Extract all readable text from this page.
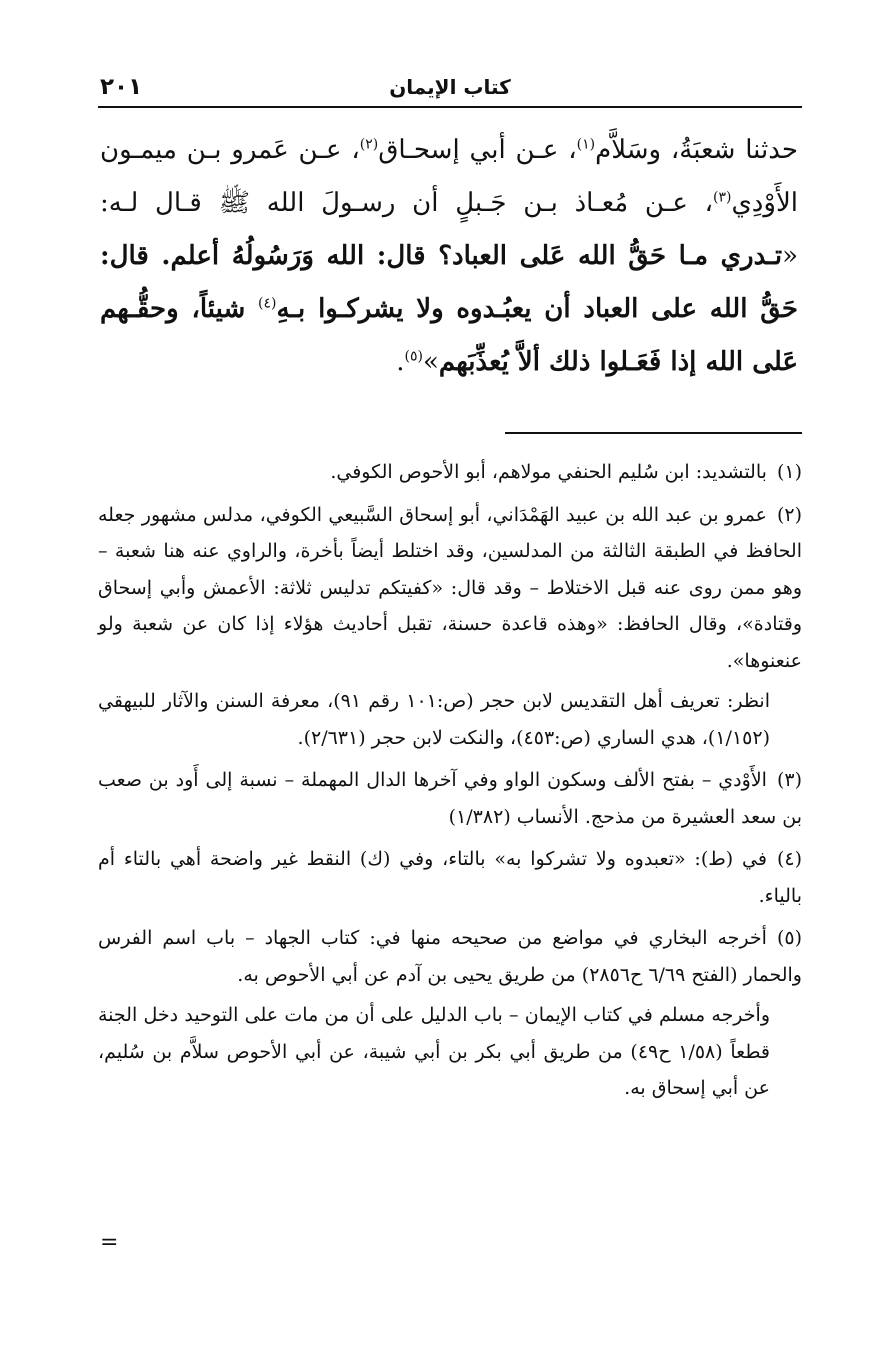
كتاب الإيمان
٢٠١
حدثنا شعبَةُ، وسَلاَّم$^{(١)}$، عـن أبي إسحـاق$^{(٢)}$، عـن عَمرو بـن ميمـون الأَوْدِي$^{(٣)}$، عـن مُعـاذ بـن جَـبلٍ أن رسـولَ الله ﷺ قـال لـه: «تـدري مـا حَقُّ الله عَلى العباد؟ قال: الله وَرَسُولُهُ أعلم. قال: حَقُّ الله على العباد أن يعبُـدوه ولا يشركـوا بـهِ$^{(٤)}$ شيئاً، وحقُّـهم عَلى الله إذا فَعَـلوا ذلك ألاَّ يُعذِّبَهم»$^{(٥)}$.

(١)بالتشديد: ابن سُليم الحنفي مولاهم، أبو الأحوص الكوفي.

(٢)عمرو بن عبد الله بن عبيد الهَمْدَاني، أبو إسحاق السَّبيعي الكوفي، مدلس مشهور جعله الحافظ في الطبقة الثالثة من المدلسين، وقد اختلط أيضاً بأخرة، والراوي عنه هنا شعبة – وهو ممن روى عنه قبل الاختلاط – وقد قال: «كفيتكم تدليس ثلاثة: الأعمش وأبي إسحاق وقتادة»، وقال الحافظ: «وهذه قاعدة حسنة، تقبل أحاديث هؤلاء إذا كان عن شعبة ولو عنعنوها».

انظر: تعريف أهل التقديس لابن حجر (ص:١٠١ رقم ٩١)، معرفة السنن والآثار للبيهقي (١/١٥٢)، هدي الساري (ص:٤٥٣)، والنكت لابن حجر (٢/٦٣١).

(٣)الأَوْدي – بفتح الألف وسكون الواو وفي آخرها الدال المهملة – نسبة إلى أَود بن صعب بن سعد العشيرة من مذحج. الأنساب (١/٣٨٢)

(٤)في (ط): «تعبدوه ولا تشركوا به» بالتاء، وفي (ك) النقط غير واضحة أهي بالتاء أم بالياء.

(٥)أخرجه البخاري في مواضع من صحيحه منها في: كتاب الجهاد – باب اسم الفرس والحمار (الفتح ٦/٦٩ ح٢٨٥٦) من طريق يحيى بن آدم عن أبي الأحوص به.

وأخرجه مسلم في كتاب الإيمان – باب الدليل على أن من مات على التوحيد دخل الجنة قطعاً (١/٥٨ ح٤٩) من طريق أبي بكر بن أبي شيبة، عن أبي الأحوص سلاَّم بن سُليم، عن أبي إسحاق به.

=
